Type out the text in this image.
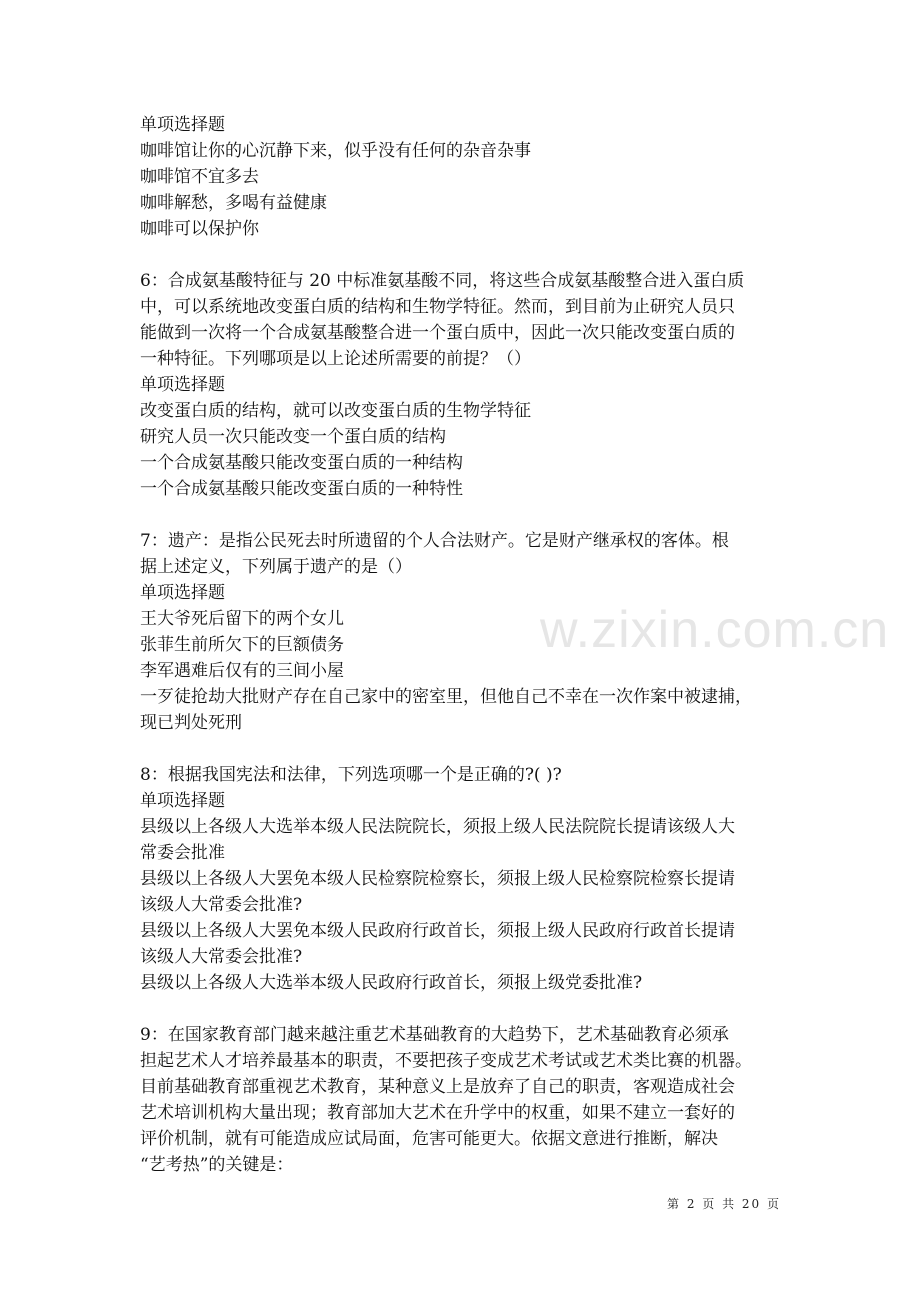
w.zixin.com.cn
单项选择题
咖啡馆让你的心沉静下来，似乎没有任何的杂音杂事
咖啡馆不宜多去
咖啡解愁，多喝有益健康
咖啡可以保护你
6：合成氨基酸特征与 20 中标准氨基酸不同，将这些合成氨基酸整合进入蛋白质
中，可以系统地改变蛋白质的结构和生物学特征。然而，到目前为止研究人员只
能做到一次将一个合成氨基酸整合进一个蛋白质中，因此一次只能改变蛋白质的
一种特征。下列哪项是以上论述所需要的前提？（）
单项选择题
改变蛋白质的结构，就可以改变蛋白质的生物学特征
研究人员一次只能改变一个蛋白质的结构
一个合成氨基酸只能改变蛋白质的一种结构
一个合成氨基酸只能改变蛋白质的一种特性
7：遗产：是指公民死去时所遗留的个人合法财产。它是财产继承权的客体。根
据上述定义，下列属于遗产的是（）
单项选择题
王大爷死后留下的两个女儿
张菲生前所欠下的巨额债务
李军遇难后仅有的三间小屋
一歹徒抢劫大批财产存在自己家中的密室里，但他自己不幸在一次作案中被逮捕，
现已判处死刑
8：根据我国宪法和法律，下列选项哪一个是正确的?( )?
单项选择题
县级以上各级人大选举本级人民法院院长，须报上级人民法院院长提请该级人大
常委会批准
县级以上各级人大罢免本级人民检察院检察长，须报上级人民检察院检察长提请
该级人大常委会批准?
县级以上各级人大罢免本级人民政府行政首长，须报上级人民政府行政首长提请
该级人大常委会批准?
县级以上各级人大选举本级人民政府行政首长，须报上级党委批准?
9：在国家教育部门越来越注重艺术基础教育的大趋势下，艺术基础教育必须承
担起艺术人才培养最基本的职责，不要把孩子变成艺术考试或艺术类比赛的机器。
目前基础教育部重视艺术教育，某种意义上是放弃了自己的职责，客观造成社会
艺术培训机构大量出现；教育部加大艺术在升学中的权重，如果不建立一套好的
评价机制，就有可能造成应试局面，危害可能更大。依据文意进行推断，解决
“艺考热”的关键是：
第 2 页 共 20 页
